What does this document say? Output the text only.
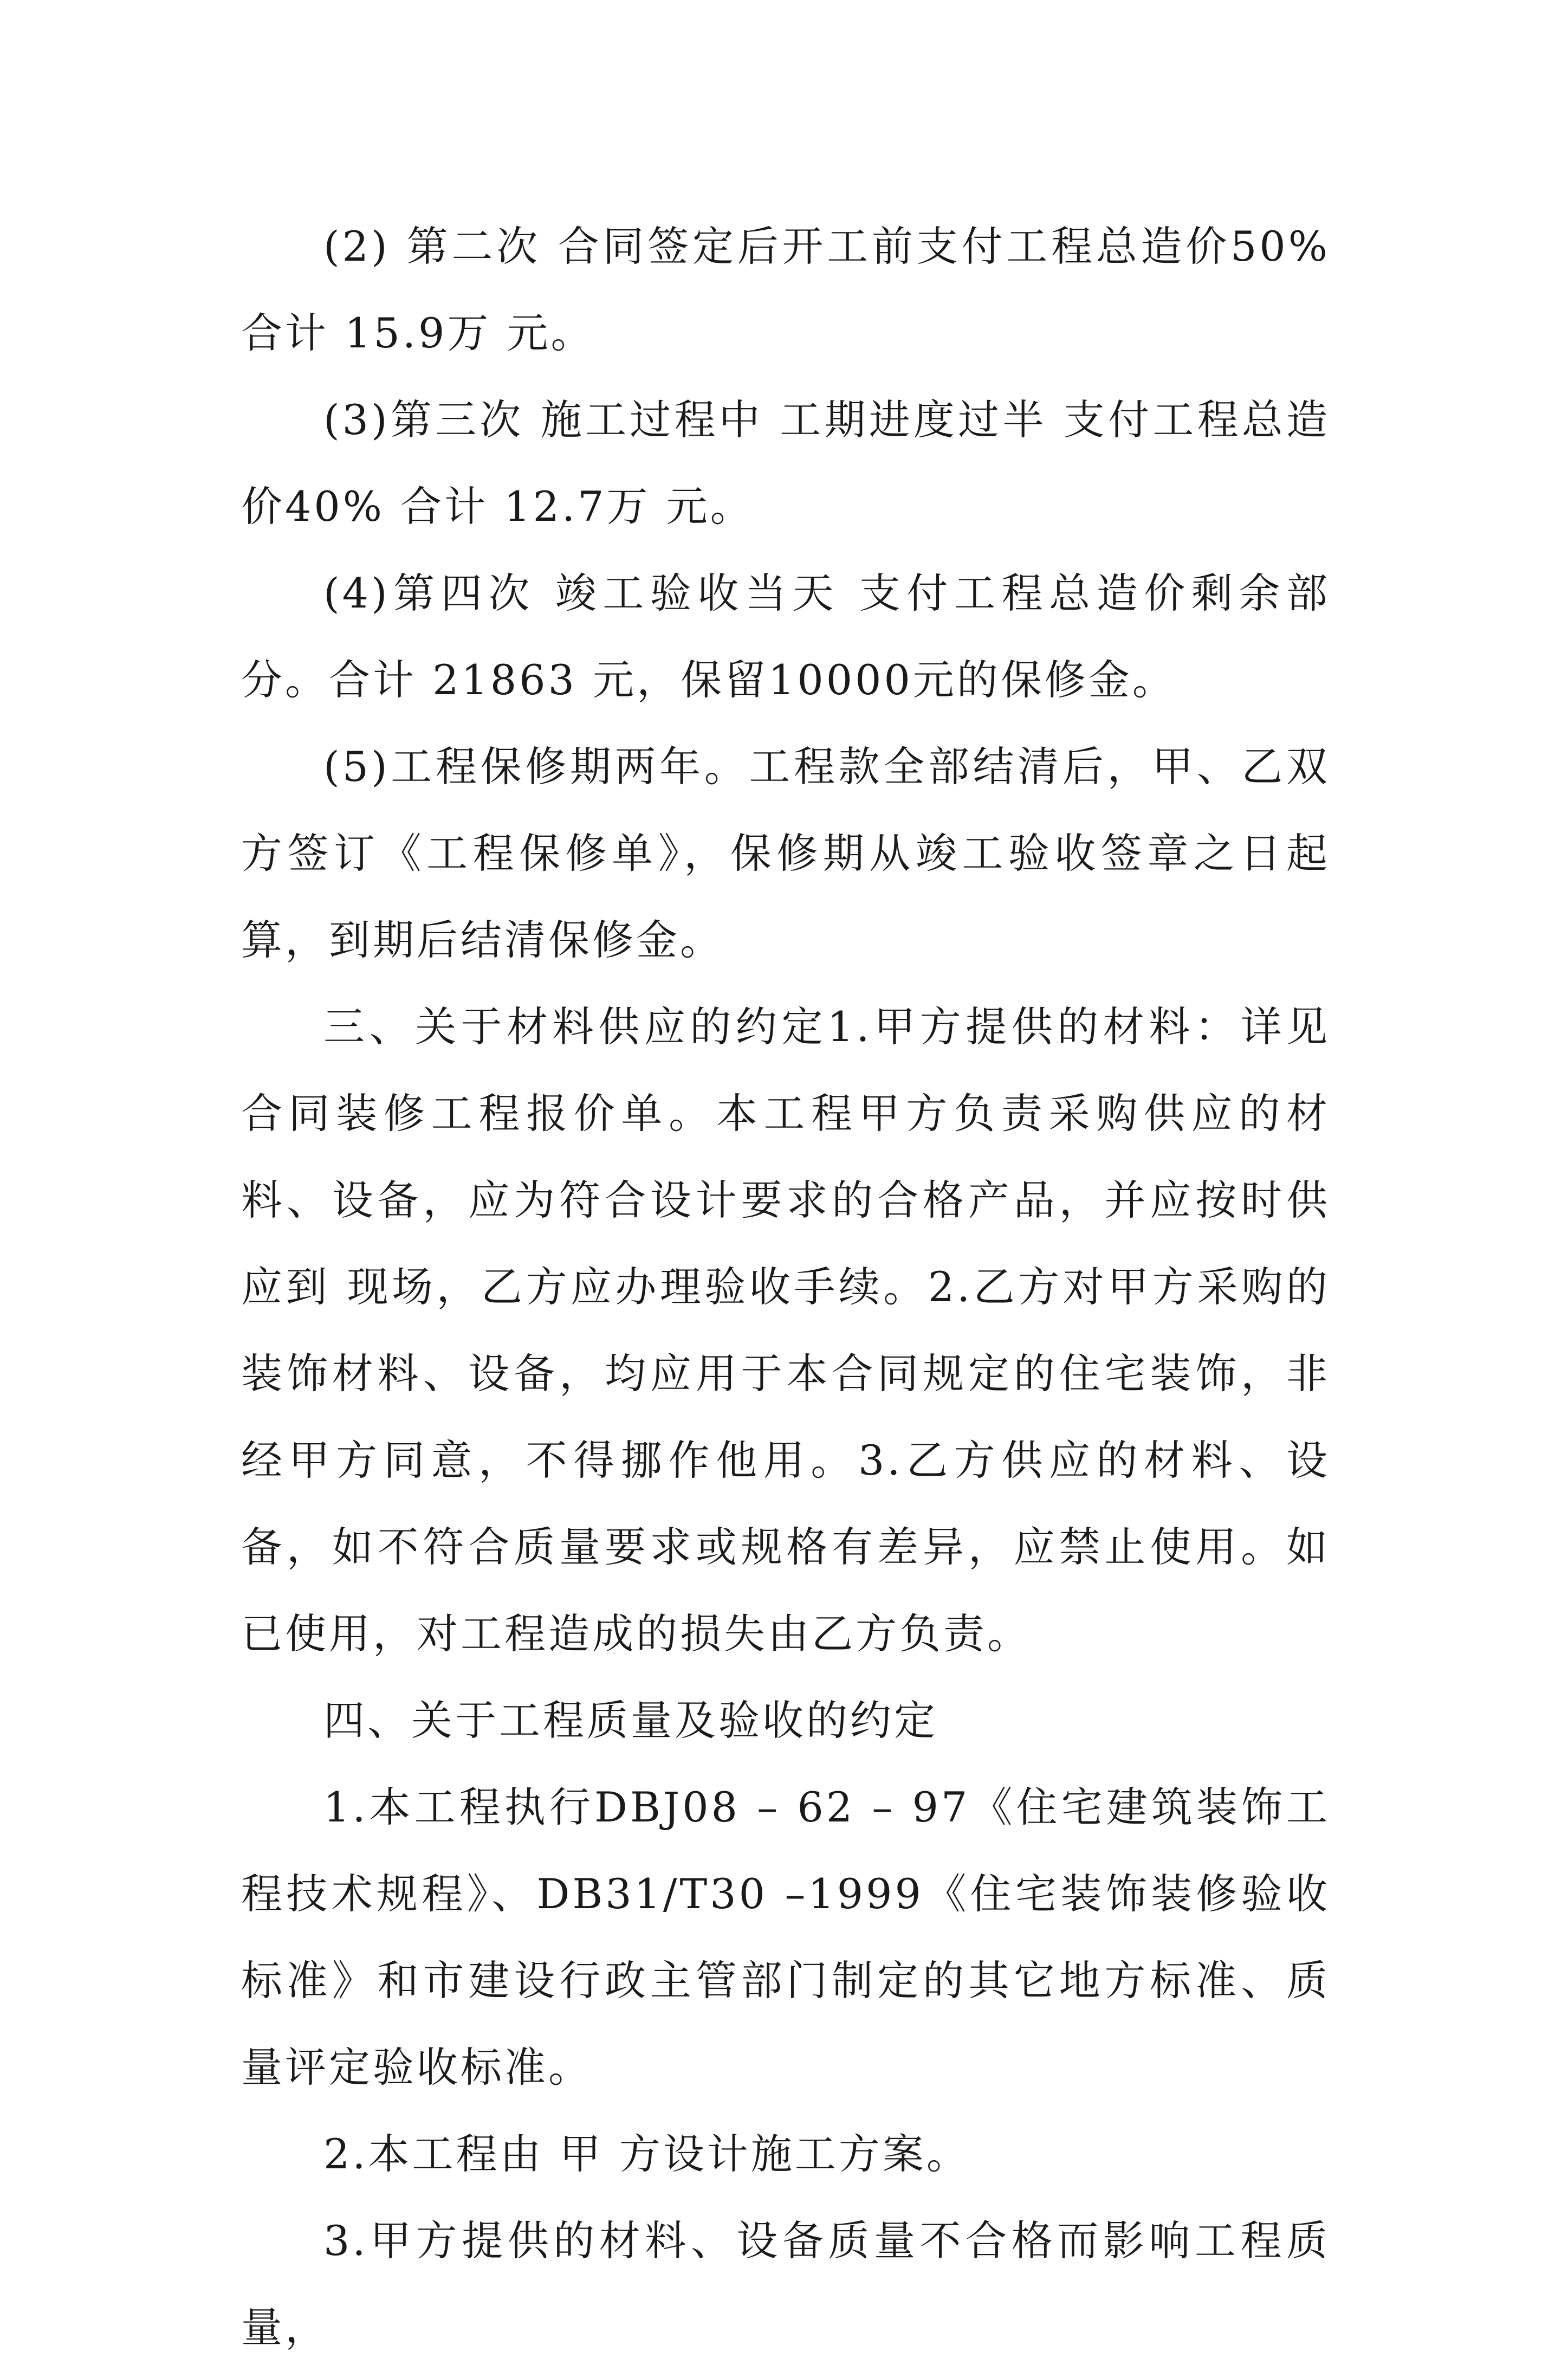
(2) 第二次 合同签定后开工前支付工程总造价50% 合计 15.9万 元。

(3)第三次 施工过程中 工期进度过半 支付工程总造价40% 合计 12.7万 元。

(4)第四次 竣工验收当天 支付工程总造价剩余部分。合计 21863 元，保留10000元的保修金。

(5)工程保修期两年。工程款全部结清后，甲、乙双方签订《工程保修单》，保修期从竣工验收签章之日起算，到期后结清保修金。

三、关于材料供应的约定1.甲方提供的材料：详见合同装修工程报价单。本工程甲方负责采购供应的材料、设备，应为符合设计要求的合格产品，并应按时供应到 现场，乙方应办理验收手续。2.乙方对甲方采购的装饰材料、设备，均应用于本合同规定的住宅装饰，非经甲方同意，不得挪作他用。3.乙方供应的材料、设备，如不符合质量要求或规格有差异，应禁止使用。如已使用，对工程造成的损失由乙方负责。

四、关于工程质量及验收的约定

1.本工程执行DBJ08 – 62 – 97《住宅建筑装饰工程技术规程》、DB31/T30 –1999《住宅装饰装修验收标准》和市建设行政主管部门制定的其它地方标准、质量评定验收标准。

2.本工程由 甲 方设计施工方案。

3.甲方提供的材料、设备质量不合格而影响工程质量，
